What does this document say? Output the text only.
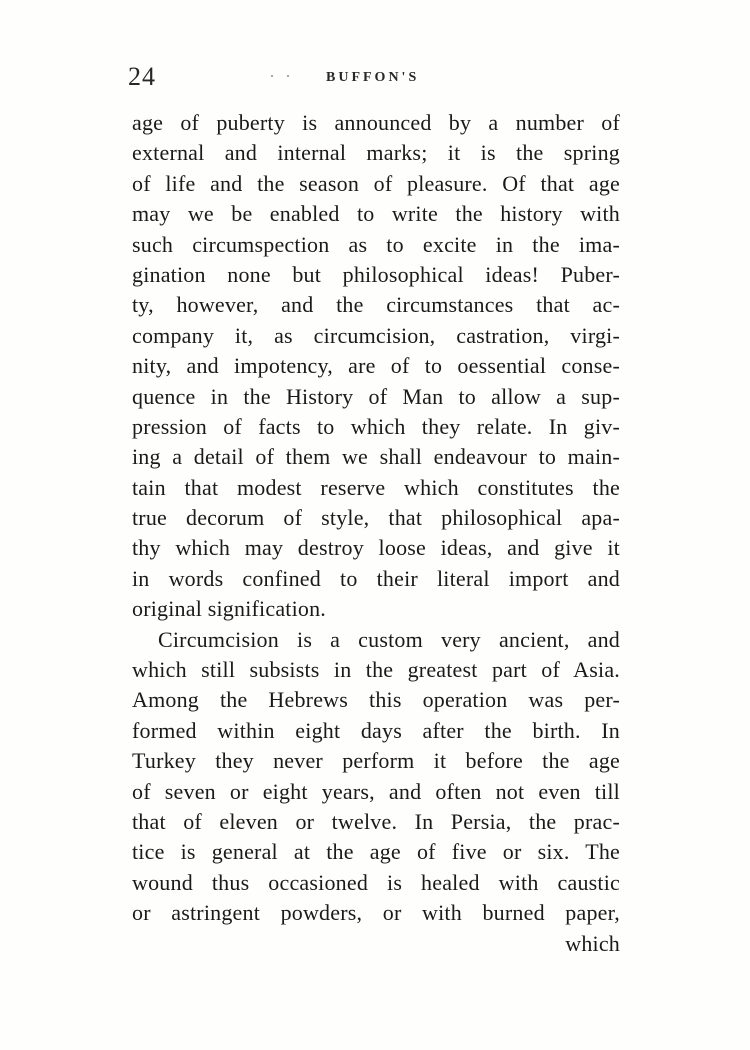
24	. . BUFFON'S
age of puberty is announced by a number of
external and internal marks; it is the spring
of life and the season of pleasure. Of that age
may we be enabled to write the history with
such circumspection as to excite in the ima-
gination none but philosophical ideas! Puber-
ty, however, and the circumstances that ac-
company it, as circumcision, castration, virgi-
nity, and impotency, are of to oessential conse-
quence in the History of Man to allow a sup-
pression of facts to which they relate. In giv-
ing a detail of them we shall endeavour to main-
tain that modest reserve which constitutes the
true decorum of style, that philosophical apa-
thy which may destroy loose ideas, and give it
in words confined to their literal import and
original signification.
Circumcision is a custom very ancient, and
which still subsists in the greatest part of Asia.
Among the Hebrews this operation was per-
formed within eight days after the birth. In
Turkey they never perform it before the age
of seven or eight years, and often not even till
that of eleven or twelve. In Persia, the prac-
tice is general at the age of five or six. The
wound thus occasioned is healed with caustic
or astringent powders, or with burned paper,
which
